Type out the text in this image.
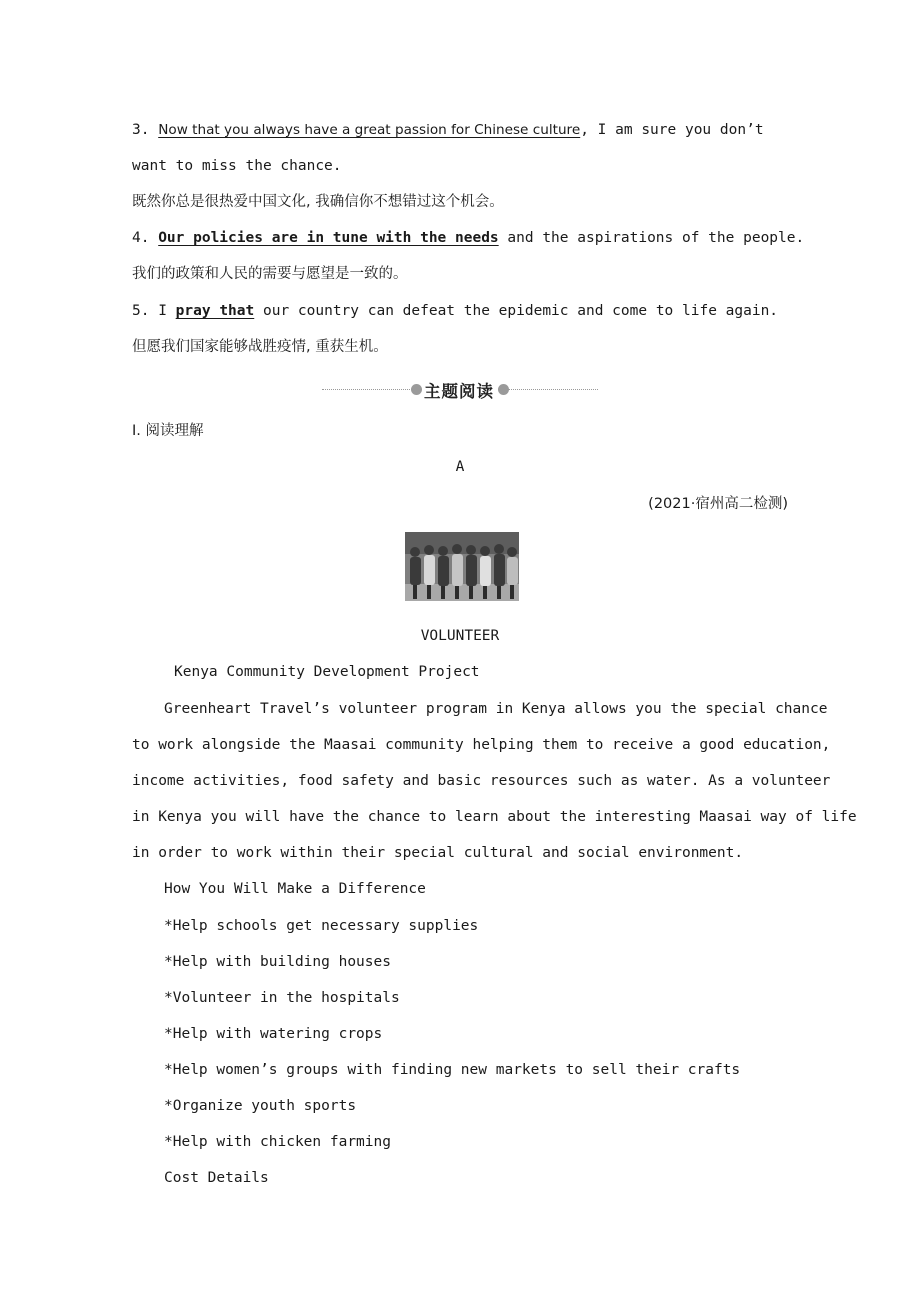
3. Now that you always have a great passion for Chinese culture, I am sure you don’t
want to miss the chance.
既然你总是很热爱中国文化, 我确信你不想错过这个机会。
4. Our policies are in tune with the needs and the aspirations of the people.
我们的政策和人民的需要与愿望是一致的。
5. I pray that our country can defeat the epidemic and come to life again.
但愿我们国家能够战胜疫情, 重获生机。
主题阅读
Ⅰ. 阅读理解
A
(2021·宿州高二检测)
VOLUNTEER
Kenya Community Development Project
Greenheart Travel’s volunteer program in Kenya allows you the special chance
to work alongside the Maasai community helping them to receive a good education,
income activities, food safety and basic resources such as water. As a volunteer
in Kenya you will have the chance to learn about the interesting Maasai way of life
in order to work within their special cultural and social environment.
How You Will Make a Difference
*Help schools get necessary supplies
*Help with building houses
*Volunteer in the hospitals
*Help with watering crops
*Help women’s groups with finding new markets to sell their crafts
*Organize youth sports
*Help with chicken farming
Cost Details
